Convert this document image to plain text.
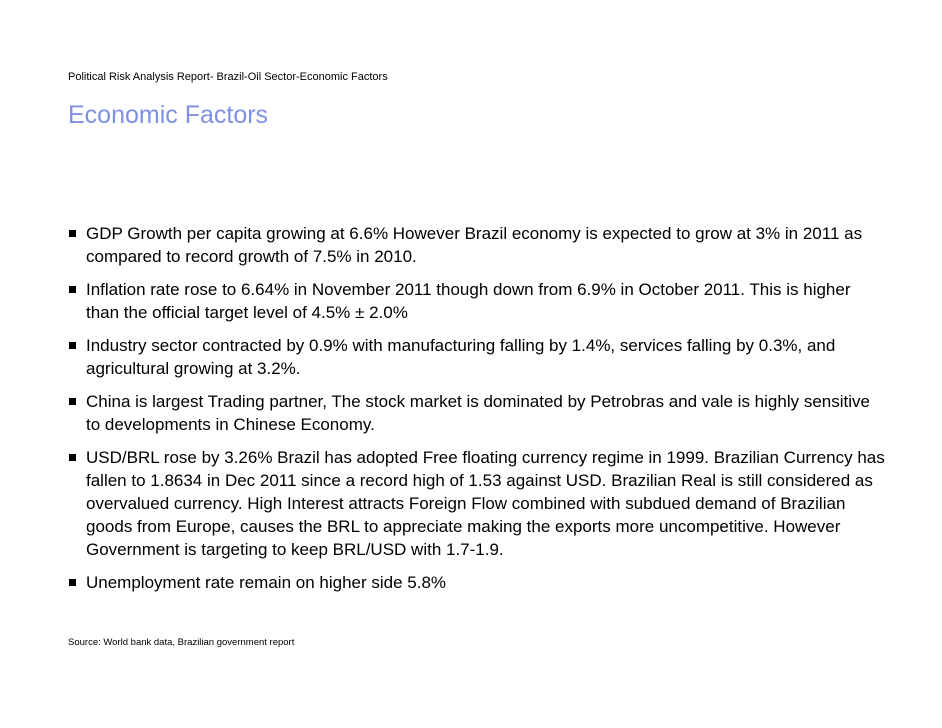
Political Risk Analysis Report- Brazil-Oil Sector-Economic Factors
Economic Factors
GDP Growth per capita growing at 6.6% However Brazil economy is expected to grow at 3% in 2011 as compared to record growth of 7.5% in 2010.
Inflation rate rose to 6.64% in November 2011 though down from 6.9% in October 2011. This is higher than the official target level of 4.5% ± 2.0%
Industry sector contracted by 0.9% with manufacturing falling by 1.4%, services falling by 0.3%, and agricultural growing at 3.2%.
China is largest Trading partner, The stock market is dominated by Petrobras and vale is highly sensitive to developments in Chinese Economy.
USD/BRL rose by 3.26% Brazil has adopted Free floating currency regime in 1999. Brazilian Currency has fallen to 1.8634 in Dec 2011 since a record high of 1.53 against USD. Brazilian Real is still considered as overvalued currency. High Interest attracts Foreign Flow combined with subdued demand of Brazilian goods from Europe, causes the BRL to appreciate making the exports more uncompetitive. However Government is targeting to keep BRL/USD with 1.7-1.9.
Unemployment rate remain on higher side 5.8%
Source: World bank data, Brazilian government report
